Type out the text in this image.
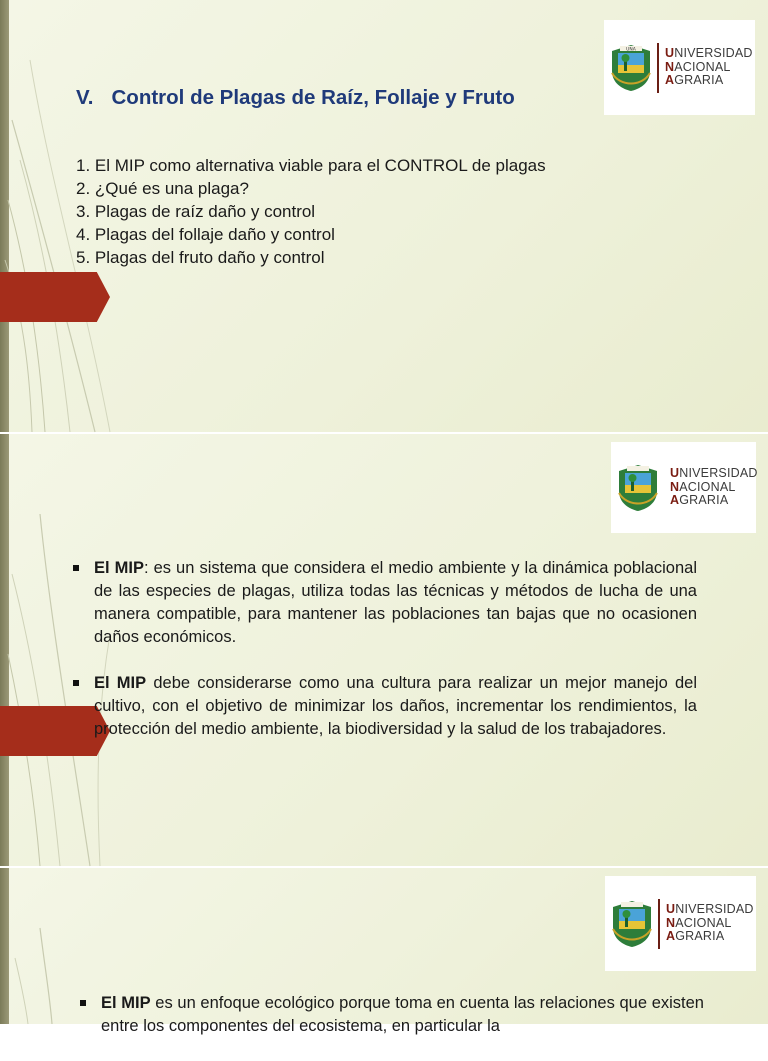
UNA UNIVERSIDAD
NACIONAL
AGRARIA
V. Control de Plagas de Raíz, Follaje y Fruto
1. El MIP como alternativa viable para el CONTROL de plagas
2. ¿Qué es una plaga?
3. Plagas de raíz daño y control
4. Plagas del follaje daño y control
5. Plagas del fruto daño y control
UNIVERSIDAD
NACIONAL
AGRARIA
El MIP: es un sistema que considera el medio ambiente y la dinámica poblacional de las especies de plagas, utiliza todas las técnicas y métodos de lucha de una manera compatible, para mantener las poblaciones tan bajas que no ocasionen daños económicos.
El MIP debe considerarse como una cultura para realizar un mejor manejo del cultivo, con el objetivo de minimizar los daños, incrementar los rendimientos, la protección del medio ambiente, la biodiversidad y la salud de los trabajadores.
UNIVERSIDAD
NACIONAL
AGRARIA
El MIP es un enfoque ecológico porque toma en cuenta las relaciones que existen entre los componentes del ecosistema, en particular la
